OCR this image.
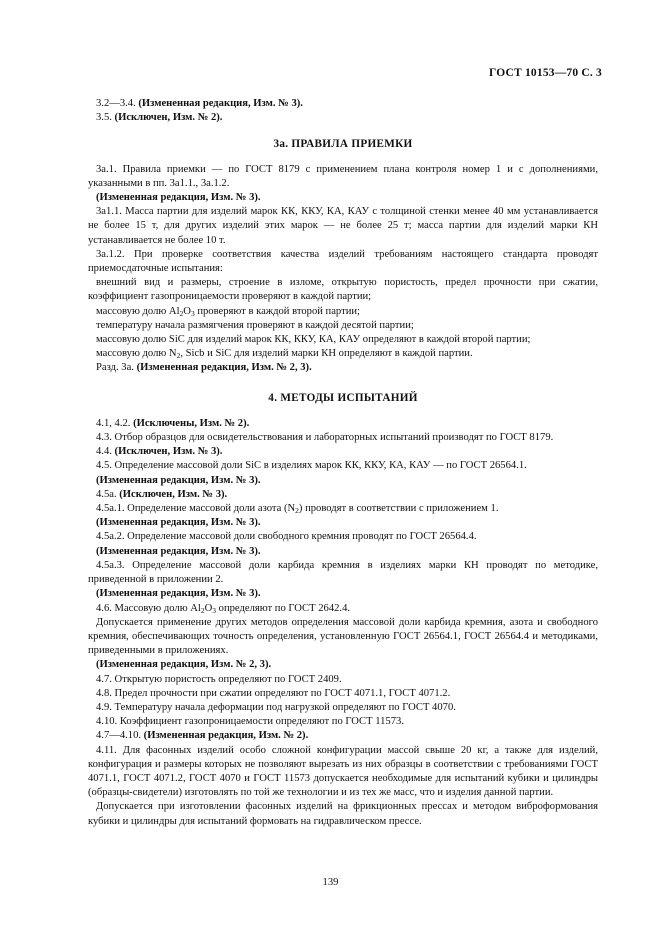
ГОСТ 10153—70 С. 3

3.2—3.4. (Измененная редакция, Изм. № 3).

3.5. (Исключен, Изм. № 2).

3а. ПРАВИЛА ПРИЕМКИ

3а.1. Правила приемки — по ГОСТ 8179 с применением плана контроля номер 1 и с дополнениями, указанными в пп. 3а1.1., 3а.1.2.

(Измененная редакция, Изм. № 3).

3а1.1. Масса партии для изделий марок КК, ККУ, КА, КАУ с толщиной стенки менее 40 мм устанавливается не более 15 т, для других изделий этих марок — не более 25 т; масса партии для изделий марки КН устанавливается не более 10 т.

3а.1.2. При проверке соответствия качества изделий требованиям настоящего стандарта проводят приемосдаточные испытания:

внешний вид и размеры, строение в изломе, открытую пористость, предел прочности при сжатии, коэффициент газопроницаемости проверяют в каждой партии;

массовую долю $Al_2O_3$ проверяют в каждой второй партии;

температуру начала размягчения проверяют в каждой десятой партии;

массовую долю SiC для изделий марок КК, ККУ, КА, КАУ определяют в каждой второй партии;

массовую долю $N_2$, Sicb и SiC для изделий марки КН определяют в каждой партии.

Разд. 3а. (Измененная редакция, Изм. № 2, 3).

4. МЕТОДЫ ИСПЫТАНИЙ

4.1, 4.2. (Исключены, Изм. № 2).

4.3. Отбор образцов для освидетельствования и лабораторных испытаний производят по ГОСТ 8179.

4.4. (Исключен, Изм. № 3).

4.5. Определение массовой доли SiC в изделиях марок КК, ККУ, КА, КАУ — по ГОСТ 26564.1.

(Измененная редакция, Изм. № 3).

4.5а. (Исключен, Изм. № 3).

4.5а.1. Определение массовой доли азота $(N_2)$ проводят в соответствии с приложением 1.

(Измененная редакция, Изм. № 3).

4.5а.2. Определение массовой доли свободного кремния проводят по ГОСТ 26564.4.

(Измененная редакция, Изм. № 3).

4.5а.3. Определение массовой доли карбида кремния в изделиях марки КН проводят по методике, приведенной в приложении 2.

(Измененная редакция, Изм. № 3).

4.6. Массовую долю $Al_2O_3$ определяют по ГОСТ 2642.4.

Допускается применение других методов определения массовой доли карбида кремния, азота и свободного кремния, обеспечивающих точность определения, установленную ГОСТ 26564.1, ГОСТ 26564.4 и методиками, приведенными в приложениях.

(Измененная редакция, Изм. № 2, 3).

4.7. Открытую пористость определяют по ГОСТ 2409.

4.8. Предел прочности при сжатии определяют по ГОСТ 4071.1, ГОСТ 4071.2.

4.9. Температуру начала деформации под нагрузкой определяют по ГОСТ 4070.

4.10. Коэффициент газопроницаемости определяют по ГОСТ 11573.

4.7—4.10. (Измененная редакция, Изм. № 2).

4.11. Для фасонных изделий особо сложной конфигурации массой свыше 20 кг, а также для изделий, конфигурация и размеры которых не позволяют вырезать из них образцы в соответствии с требованиями ГОСТ 4071.1, ГОСТ 4071.2, ГОСТ 4070 и ГОСТ 11573 допускается необходимые для испытаний кубики и цилиндры (образцы-свидетели) изготовлять по той же технологии и из тех же масс, что и изделия данной партии.

Допускается при изготовлении фасонных изделий на фрикционных прессах и методом виброформования кубики и цилиндры для испытаний формовать на гидравлическом прессе.

139
